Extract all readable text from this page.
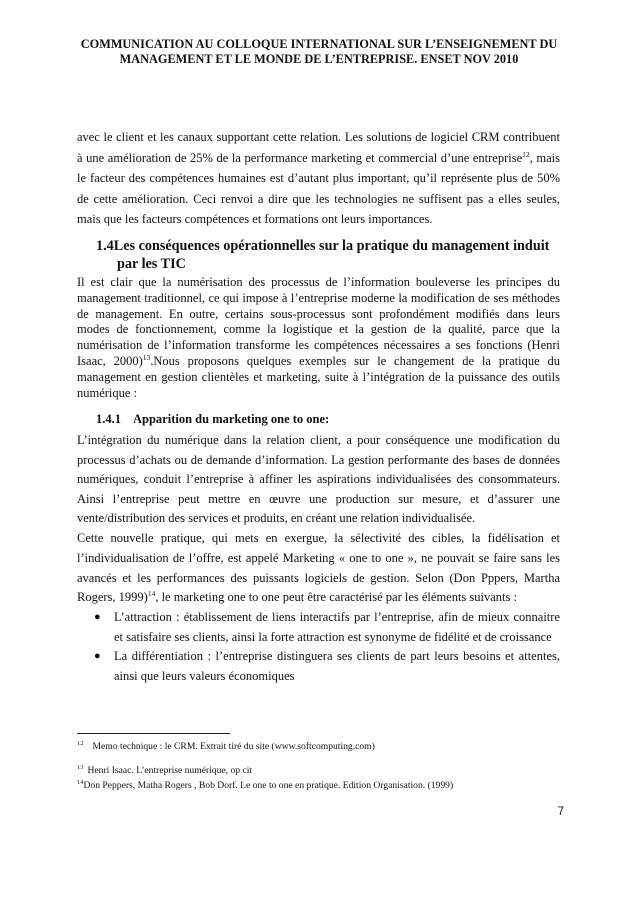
COMMUNICATION AU COLLOQUE INTERNATIONAL SUR L’ENSEIGNEMENT DU
MANAGEMENT ET LE MONDE DE L’ENTREPRISE. ENSET NOV 2010

avec le client et les canaux supportant cette relation. Les solutions de logiciel CRM contribuent à une amélioration de 25% de la performance marketing et commercial d’une entreprise$^{12}$, mais le facteur des compétences humaines est d’autant plus important, qu’il représente plus de 50% de cette amélioration. Ceci renvoi a dire que les technologies ne suffisent pas a elles seules, mais que les facteurs compétences et formations ont leurs importances.

1.4Les conséquences opérationnelles sur la pratique du management induit
par les TIC

Il est clair que la numérisation des processus de l’information bouleverse les principes du management traditionnel, ce qui impose à l’entreprise moderne la modification de ses méthodes de management. En outre, certains sous-processus sont profondément modifiés dans leurs modes de fonctionnement, comme la logistique et la gestion de la qualité, parce que la numérisation de l’information transforme les compétences nécessaires a ses fonctions (Henri Isaac, 2000)$^{13}$.Nous proposons quelques exemples sur le changement de la pratique du management en gestion clientèles et marketing, suite à l’intégration de la puissance des outils numérique :

1.4.1 Apparition du marketing one to one:

L’intégration du numérique dans la relation client, a pour conséquence une modification du processus d’achats ou de demande d’information. La gestion performante des bases de données numériques, conduit l’entreprise à affiner les aspirations individualisées des consommateurs. Ainsi l’entreprise peut mettre en œuvre une production sur mesure, et d’assurer une vente/distribution des services et produits, en créant une relation individualisée.

Cette nouvelle pratique, qui mets en exergue, la sélectivité des cibles, la fidélisation et l’individualisation de l’offre, est appelé Marketing « one to one », ne pouvait se faire sans les avancés et les performances des puissants logiciels de gestion. Selon (Don Pppers, Martha Rogers, 1999)$^{14}$, le marketing one to one peut être caractérisé par les éléments suivants :

● L’attraction : établissement de liens interactifs par l’entreprise, afin de mieux connaitre et satisfaire ses clients, ainsi la forte attraction est synonyme de fidélité et de croissance
● La différentiation : l’entreprise distinguera ses clients de part leurs besoins et attentes, ainsi que leurs valeurs économiques
$^{12}$ Memo technique : le CRM. Extrait tiré du site (www.softcomputing.com)
$^{13}$ Henri Isaac. L’entreprise numérique, op cit
$^{14}$Don Peppers, Matha Rogers , Bob Dorf. Le one to one en pratique. Edition Organisation. (1999)
7
